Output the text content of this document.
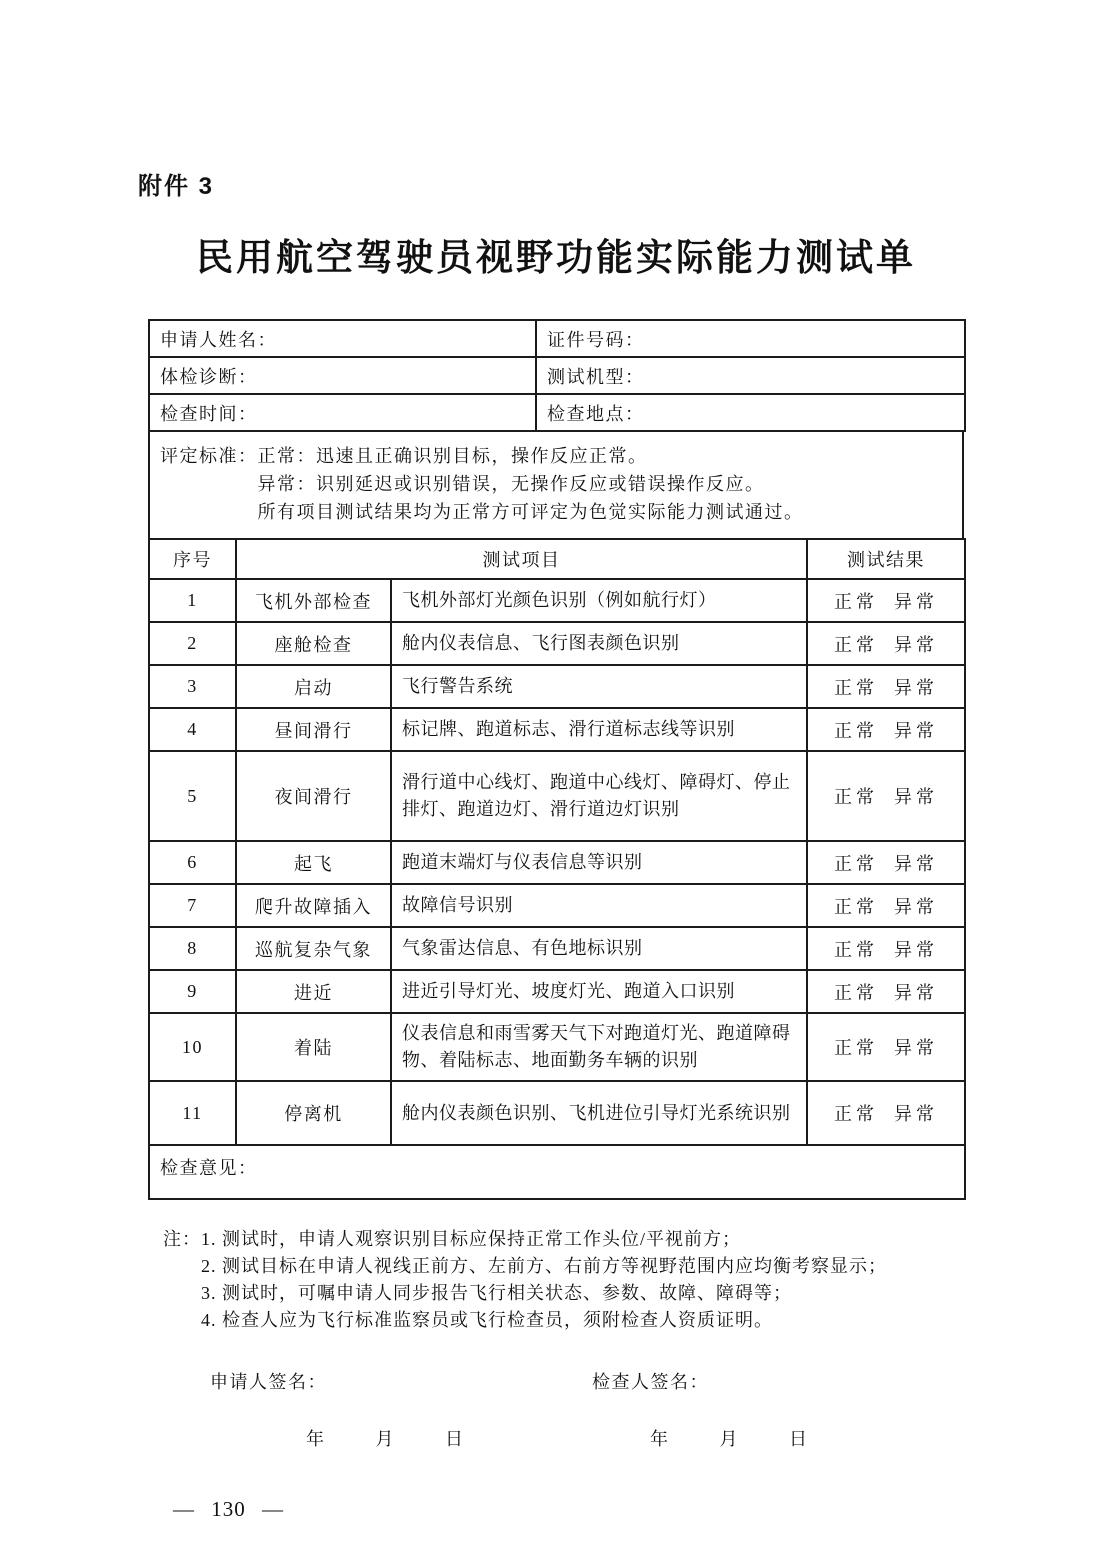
附件 3
民用航空驾驶员视野功能实际能力测试单
申请人姓名：	证件号码：
体检诊断：	测试机型：
检查时间：	检查地点：
评定标准： 正常：迅速且正确识别目标，操作反应正常。
异常：识别延迟或识别错误，无操作反应或错误操作反应。
所有项目测试结果均为正常方可评定为色觉实际能力测试通过。
序号	测试项目		测试结果
1	飞机外部检查	飞机外部灯光颜色识别（例如航行灯）	正常 异常
2	座舱检查	舱内仪表信息、飞行图表颜色识别	正常 异常
3	启动	飞行警告系统	正常 异常
4	昼间滑行	标记牌、跑道标志、滑行道标志线等识别	正常 异常
5	夜间滑行	滑行道中心线灯、跑道中心线灯、障碍灯、停止排灯、跑道边灯、滑行道边灯识别	正常 异常
6	起飞	跑道末端灯与仪表信息等识别	正常 异常
7	爬升故障插入	故障信号识别	正常 异常
8	巡航复杂气象	气象雷达信息、有色地标识别	正常 异常
9	进近	进近引导灯光、坡度灯光、跑道入口识别	正常 异常
10	着陆	仪表信息和雨雪雾天气下对跑道灯光、跑道障碍物、着陆标志、地面勤务车辆的识别	正常 异常
11	停离机	舱内仪表颜色识别、飞机进位引导灯光系统识别	正常 异常
检查意见：			
注： 1. 测试时，申请人观察识别目标应保持正常工作头位/平视前方；
2. 测试目标在申请人视线正前方、左前方、右前方等视野范围内应均衡考察显示；
3. 测试时，可嘱申请人同步报告飞行相关状态、参数、故障、障碍等；
4. 检查人应为飞行标准监察员或飞行检查员，须附检查人资质证明。
申请人签名：
年	月	日
检查人签名：
年	月	日
— 130 —
